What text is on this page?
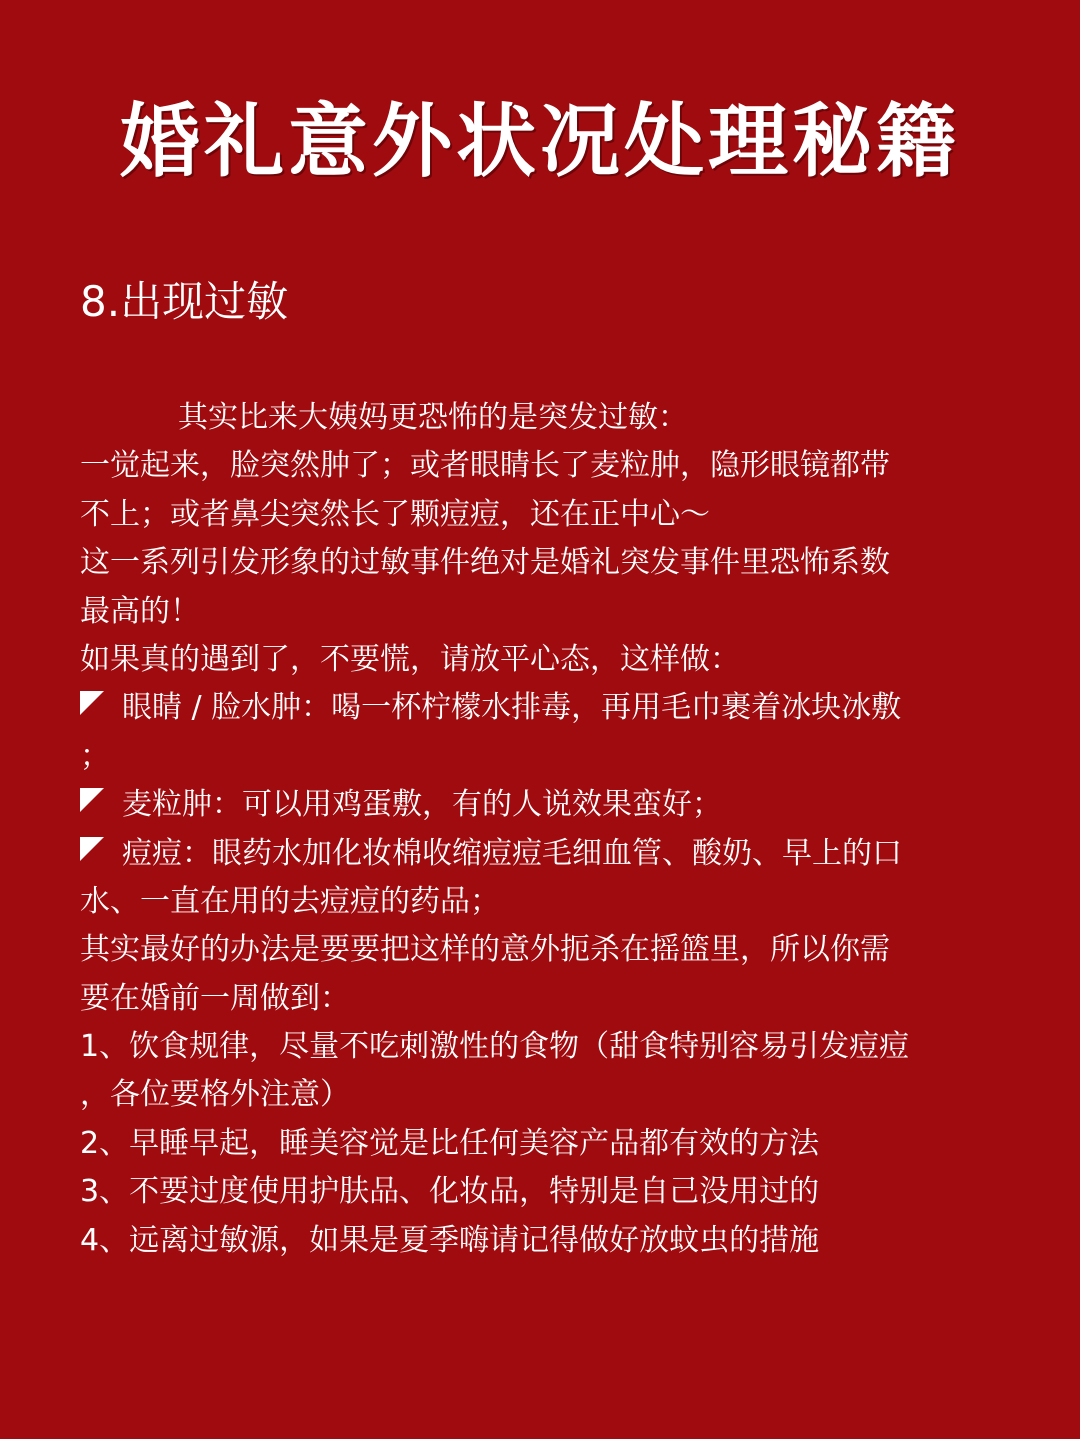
婚礼意外状况处理秘籍
8.出现过敏
其实比来大姨妈更恐怖的是突发过敏：
一觉起来，脸突然肿了；或者眼睛长了麦粒肿，隐形眼镜都带
不上；或者鼻尖突然长了颗痘痘，还在正中心～
这一系列引发形象的过敏事件绝对是婚礼突发事件里恐怖系数
最高的！
如果真的遇到了，不要慌，请放平心态，这样做：
眼睛 / 脸水肿：喝一杯柠檬水排毒，再用毛巾裹着冰块冰敷
；
麦粒肿：可以用鸡蛋敷，有的人说效果蛮好；
痘痘：眼药水加化妆棉收缩痘痘毛细血管、酸奶、早上的口
水、一直在用的去痘痘的药品；
其实最好的办法是要要把这样的意外扼杀在摇篮里，所以你需
要在婚前一周做到：
1、饮食规律，尽量不吃刺激性的食物（甜食特别容易引发痘痘
，各位要格外注意）
2、早睡早起，睡美容觉是比任何美容产品都有效的方法
3、不要过度使用护肤品、化妆品，特别是自己没用过的
4、远离过敏源，如果是夏季嗨请记得做好放蚊虫的措施
